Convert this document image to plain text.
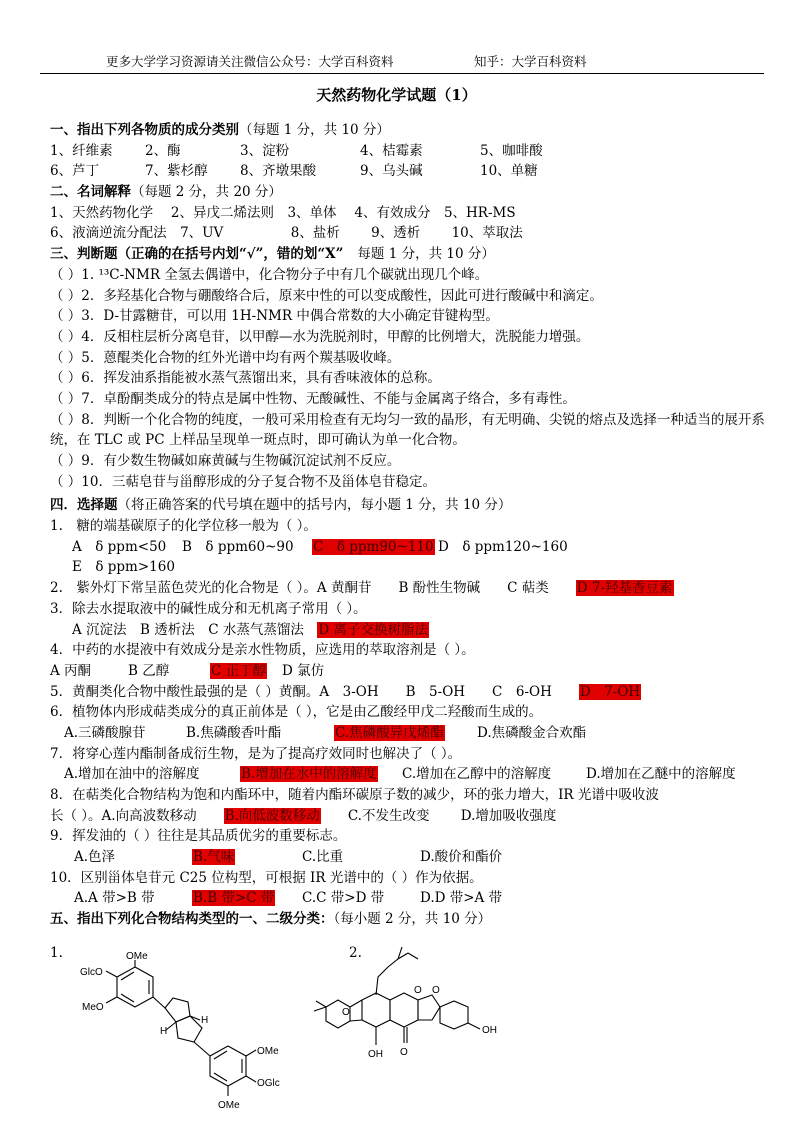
更多大学学习资源请关注微信公众号：大学百科资料	知乎：大学百科资料
天然药物化学试题（1）
一、指出下列各物质的成分类别（每题 1 分，共 10 分）
1、纤维素 2、酶	3、淀粉	4、桔霉素	5、咖啡酸
6、芦丁	7、紫杉醇 8、齐墩果酸	9、乌头碱	10、单糖
二、名词解释（每题 2 分，共 20 分）
1、天然药物化学　 2、异戊二烯法则　3、单体　 4、有效成分　5、HR-MS
6、液滴逆流分配法　7、UV　　　　　8、盐析　　 9、透析　　 10、萃取法
三、判断题（正确的在括号内划“√”，错的划“X” 每题 1 分，共 10 分）
（ ）1. ¹³C-NMR 全氢去偶谱中，化合物分子中有几个碳就出现几个峰。
（ ）2．多羟基化合物与硼酸络合后，原来中性的可以变成酸性，因此可进行酸碱中和滴定。
（ ）3．D-甘露糖苷，可以用 1H-NMR 中偶合常数的大小确定苷键构型。
（ ）4．反相柱层析分离皂苷，以甲醇—水为洗脱剂时，甲醇的比例增大，洗脱能力增强。
（ ）5．蒽醌类化合物的红外光谱中均有两个羰基吸收峰。
（ ）6．挥发油系指能被水蒸气蒸馏出来，具有香味液体的总称。
（ ）7．卓酚酮类成分的特点是属中性物、无酸碱性、不能与金属离子络合，多有毒性。
（ ）8．判断一个化合物的纯度，一般可采用检查有无均匀一致的晶形，有无明确、尖锐的熔点及选择一种适当的展开系统，在 TLC 或 PC 上样品呈现单一斑点时，即可确认为单一化合物。
（ ）9．有少数生物碱如麻黄碱与生物碱沉淀试剂不反应。
（ ）10．三萜皂苷与甾醇形成的分子复合物不及甾体皂苷稳定。
四．选择题（将正确答案的代号填在题中的括号内，每小题 1 分，共 10 分）
1.　糖的端基碳原子的化学位移一般为（ ）。
A　δ ppm<50 B　δ ppm60~90 C　δ ppm90~110 D　δ ppm120~160
E　δ ppm>160
2.　紫外灯下常呈蓝色荧光的化合物是（ ）。A 黄酮苷　　B 酚性生物碱　　C 萜类　　 D 7-羟基香豆素
3．除去水提取液中的碱性成分和无机离子常用（ ）。
A 沉淀法　B 透析法　C 水蒸气蒸馏法　 D 离子交换树脂法
4．中药的水提液中有效成分是亲水性物质，应选用的萃取溶剂是（ ）。
A 丙酮	B 乙醇	C 正丁醇 D 氯仿
5．黄酮类化合物中酸性最强的是（ ）黄酮。A　3-OH　　B　5-OH　　C　6-OH　　 D　7-OH
6．植物体内形成萜类成分的真正前体是（ ），它是由乙酸经甲戊二羟酸而生成的。
A.三磷酸腺苷	B.焦磷酸香叶酯	C.焦磷酸异戊烯酯 D.焦磷酸金合欢酯
7．将穿心莲内酯制备成衍生物，是为了提高疗效同时也解决了（ ）。
A.增加在油中的溶解度	B.增加在水中的溶解度 C.增加在乙醇中的溶解度	D.增加在乙醚中的溶解度
8．在萜类化合物结构为饱和内酯环中，随着内酯环碳原子数的减少，环的张力增大，IR 光谱中吸收波
长（ ）。A.向高波数移动　　 B.向低波数移动　　 C.不发生改变　　 D.增加吸收强度
9．挥发油的（ ）往往是其品质优劣的重要标志。
A.色泽	B.气味	C.比重	D.酸价和酯价
10．区别甾体皂苷元 C25 位构型，可根据 IR 光谱中的（ ）作为依据。
A.A 带>B 带	B.B 带>C 带 C.C 带>D 带	D.D 带>A 带
五、指出下列化合物结构类型的一、二级分类：（每小题 2 分，共 10 分）
1.	OMe
GlcO
MeO
H
H
OMe
OGlc
OMe
2.
O
O O
OH O
OH
